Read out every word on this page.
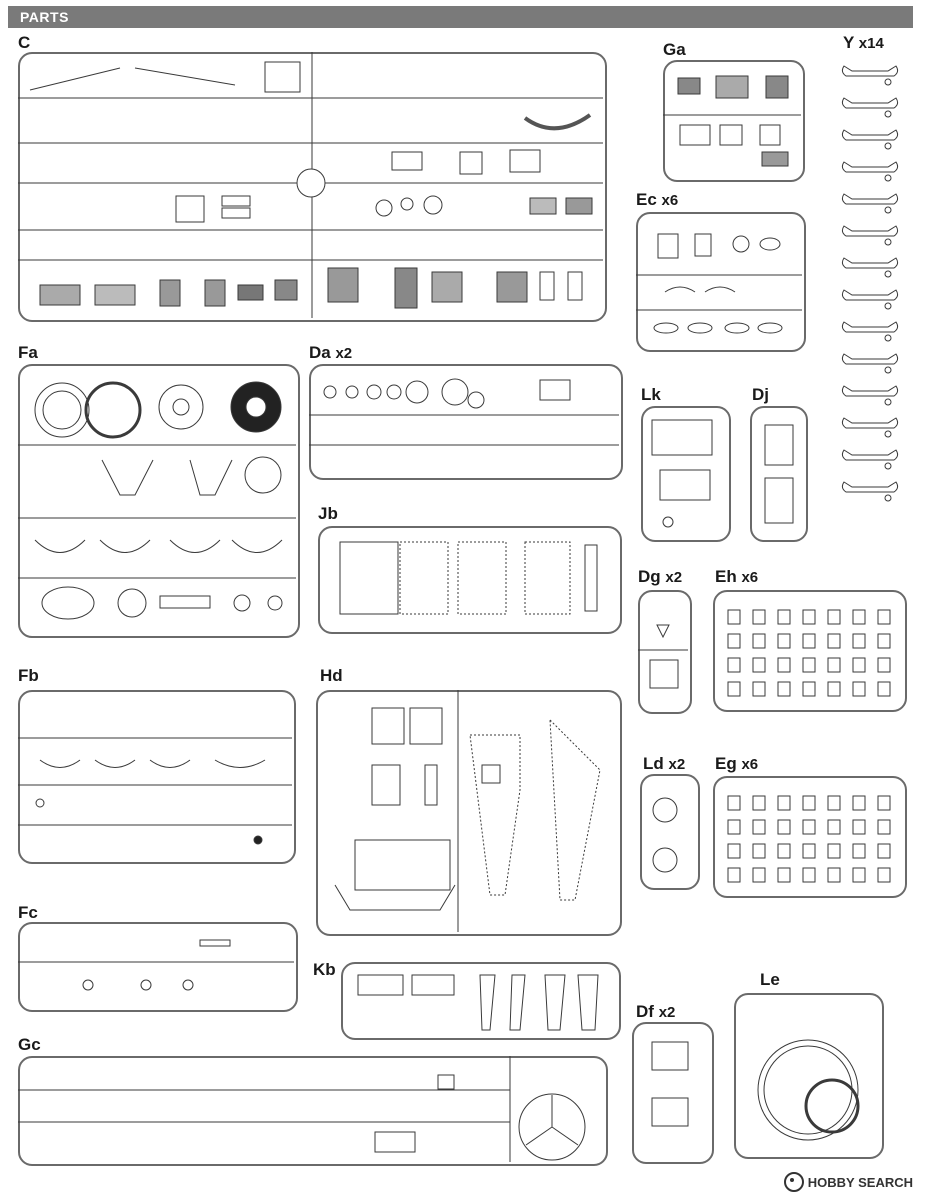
PARTS
C	Ga	Y x14
Ec x6
Fa	Da x2
Lk	Dj
Jb
Dg x2 Eh x6
Fb	Hd
Ld x2 Eg x6
Fc
Kb
Le
Df x2
Gc
HOBBY SEARCH
